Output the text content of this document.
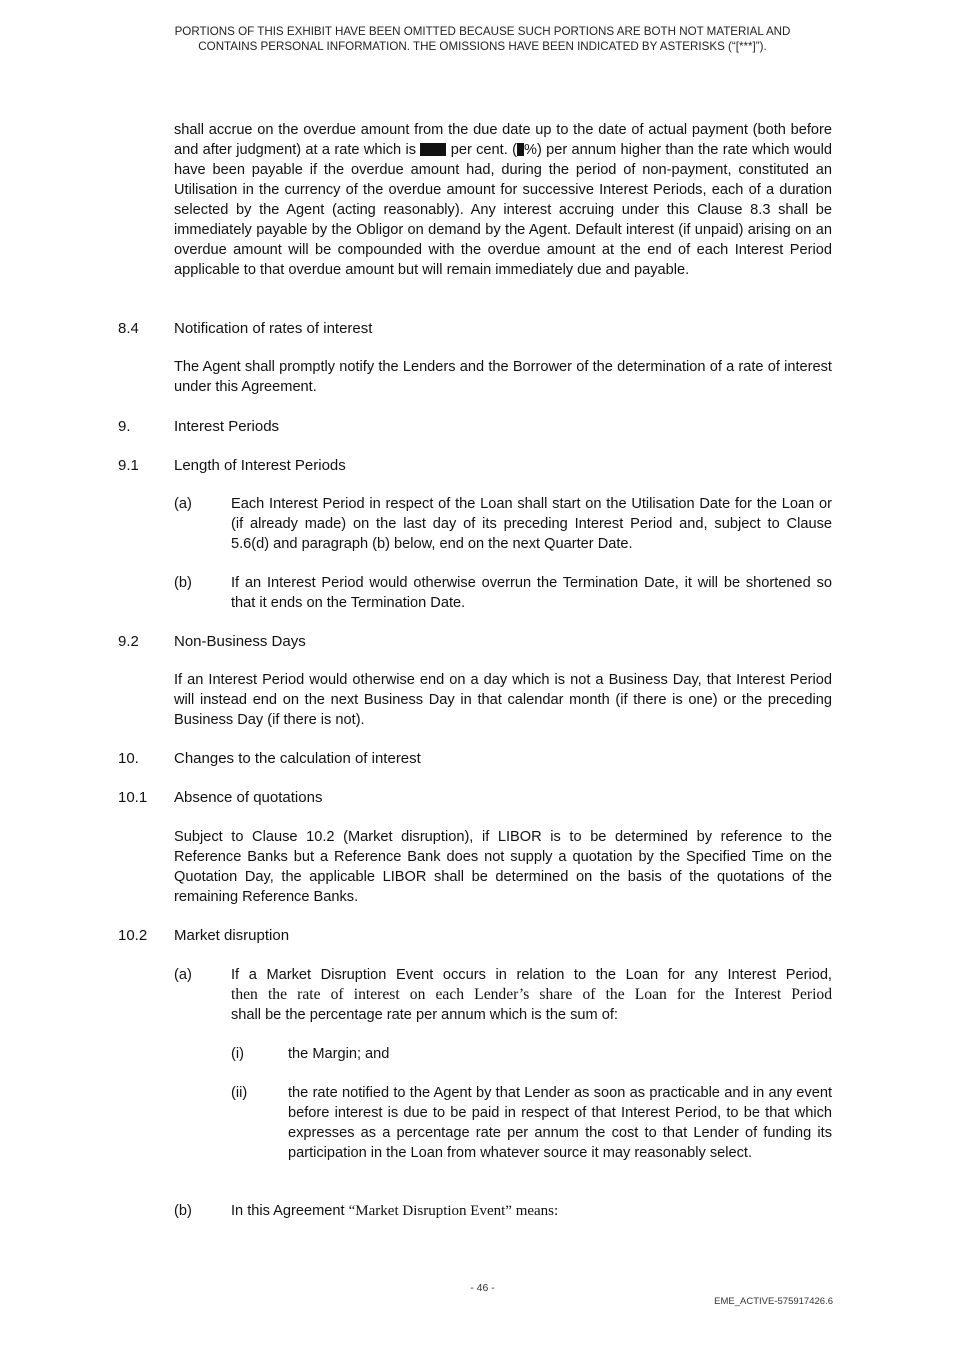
PORTIONS OF THIS EXHIBIT HAVE BEEN OMITTED BECAUSE SUCH PORTIONS ARE BOTH NOT MATERIAL AND
CONTAINS PERSONAL INFORMATION. THE OMISSIONS HAVE BEEN INDICATED BY ASTERISKS (“[***]”).

shall accrue on the overdue amount from the due date up to the date of actual payment (both before and after judgment) at a rate which is per cent. ( %) per annum higher than the rate which would have been payable if the overdue amount had, during the period of non-payment, constituted an Utilisation in the currency of the overdue amount for successive Interest Periods, each of a duration selected by the Agent (acting reasonably). Any interest accruing under this Clause 8.3 shall be immediately payable by the Obligor on demand by the Agent. Default interest (if unpaid) arising on an overdue amount will be compounded with the overdue amount at the end of each Interest Period applicable to that overdue amount but will remain immediately due and payable.

8.4 Notification of rates of interest

The Agent shall promptly notify the Lenders and the Borrower of the determination of a rate of interest under this Agreement.

9.	Interest Periods
9.1 Length of Interest Periods
(a)	Each Interest Period in respect of the Loan shall start on the Utilisation Date for the Loan or (if already made) on the last day of its preceding Interest Period and, subject to Clause 5.6(d) and paragraph (b) below, end on the next Quarter Date.

(b)	If an Interest Period would otherwise overrun the Termination Date, it will be shortened so that it ends on the Termination Date.

9.2 Non-Business Days

If an Interest Period would otherwise end on a day which is not a Business Day, that Interest Period will instead end on the next Business Day in that calendar month (if there is one) or the preceding Business Day (if there is not).

10. Changes to the calculation of interest
10.1 Absence of quotations

Subject to Clause 10.2 (Market disruption), if LIBOR is to be determined by reference to the Reference Banks but a Reference Bank does not supply a quotation by the Specified Time on the Quotation Day, the applicable LIBOR shall be determined on the basis of the quotations of the remaining Reference Banks.

10.2 Market disruption
(a)	If a Market Disruption Event occurs in relation to the Loan for any Interest Period,
then the rate of interest on each Lender’s share of the Loan for the Interest Period
shall be the percentage rate per annum which is the sum of:
(i)	the Margin; and

(ii)	the rate notified to the Agent by that Lender as soon as practicable and in any event before interest is due to be paid in respect of that Interest Period, to be that which expresses as a percentage rate per annum the cost to that Lender of funding its participation in the Loan from whatever source it may reasonably select.

(b)	In this Agreement “Market Disruption Event” means:
- 46 -
EME_ACTIVE-575917426.6
